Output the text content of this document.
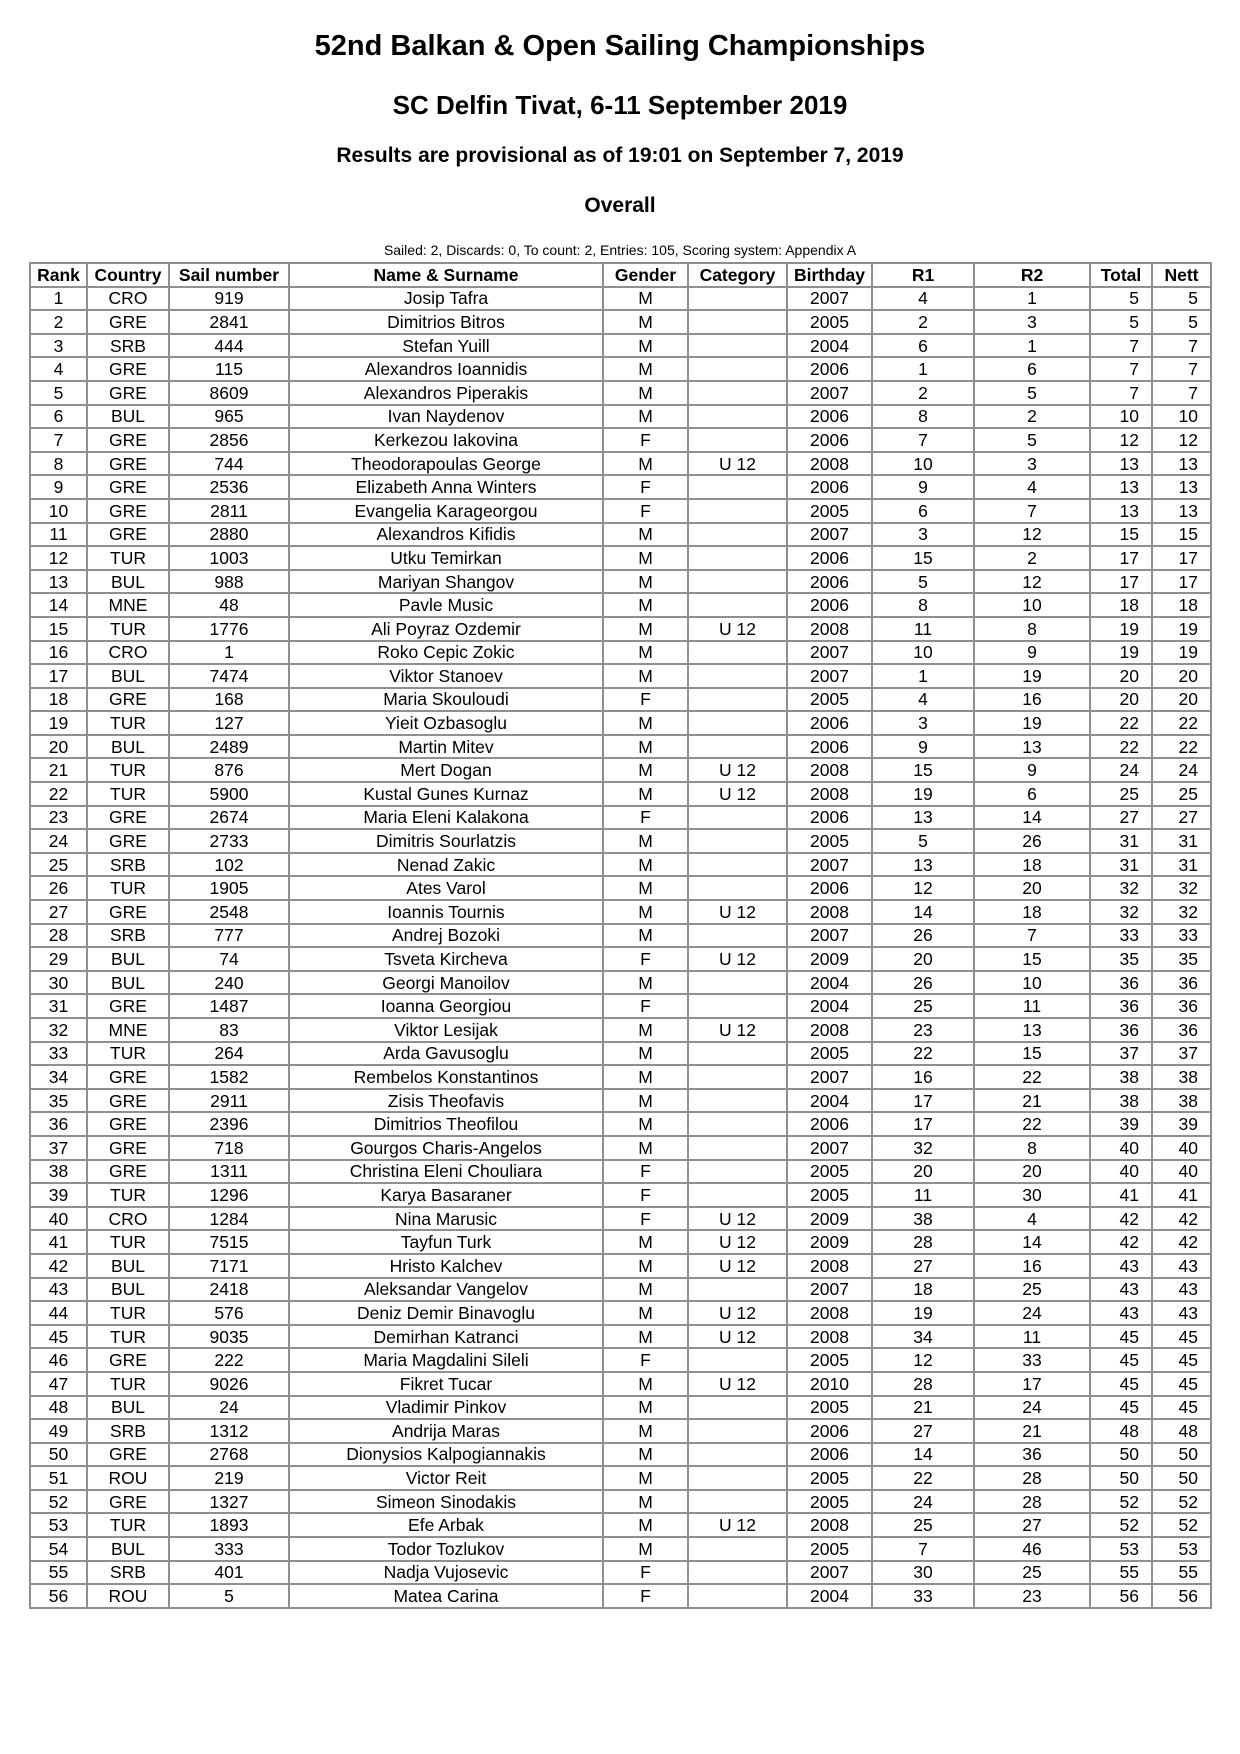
52nd Balkan & Open Sailing Championships
SC Delfin Tivat, 6-11 September 2019
Results are provisional as of 19:01 on September 7, 2019
Overall
Sailed: 2, Discards: 0, To count: 2, Entries: 105, Scoring system: Appendix A
Rank	Country	Sail number	Name & Surname	Gender	Category	Birthday	R1	R2	Total	Nett
1	CRO	919	Josip Tafra	M		2007	4	1	5	5
2	GRE	2841	Dimitrios Bitros	M		2005	2	3	5	5
3	SRB	444	Stefan Yuill	M		2004	6	1	7	7
4	GRE	115	Alexandros Ioannidis	M		2006	1	6	7	7
5	GRE	8609	Alexandros Piperakis	M		2007	2	5	7	7
6	BUL	965	Ivan Naydenov	M		2006	8	2	10	10
7	GRE	2856	Kerkezou Iakovina	F		2006	7	5	12	12
8	GRE	744	Theodorapoulas George	M	U 12	2008	10	3	13	13
9	GRE	2536	Elizabeth Anna Winters	F		2006	9	4	13	13
10	GRE	2811	Evangelia Karageorgou	F		2005	6	7	13	13
11	GRE	2880	Alexandros Kifidis	M		2007	3	12	15	15
12	TUR	1003	Utku Temirkan	M		2006	15	2	17	17
13	BUL	988	Mariyan Shangov	M		2006	5	12	17	17
14	MNE	48	Pavle Music	M		2006	8	10	18	18
15	TUR	1776	Ali Poyraz Ozdemir	M	U 12	2008	11	8	19	19
16	CRO	1	Roko Cepic Zokic	M		2007	10	9	19	19
17	BUL	7474	Viktor Stanoev	M		2007	1	19	20	20
18	GRE	168	Maria Skouloudi	F		2005	4	16	20	20
19	TUR	127	Yieit Ozbasoglu	M		2006	3	19	22	22
20	BUL	2489	Martin Mitev	M		2006	9	13	22	22
21	TUR	876	Mert Dogan	M	U 12	2008	15	9	24	24
22	TUR	5900	Kustal Gunes Kurnaz	M	U 12	2008	19	6	25	25
23	GRE	2674	Maria Eleni Kalakona	F		2006	13	14	27	27
24	GRE	2733	Dimitris Sourlatzis	M		2005	5	26	31	31
25	SRB	102	Nenad Zakic	M		2007	13	18	31	31
26	TUR	1905	Ates Varol	M		2006	12	20	32	32
27	GRE	2548	Ioannis Tournis	M	U 12	2008	14	18	32	32
28	SRB	777	Andrej Bozoki	M		2007	26	7	33	33
29	BUL	74	Tsveta Kircheva	F	U 12	2009	20	15	35	35
30	BUL	240	Georgi Manoilov	M		2004	26	10	36	36
31	GRE	1487	Ioanna Georgiou	F		2004	25	11	36	36
32	MNE	83	Viktor Lesijak	M	U 12	2008	23	13	36	36
33	TUR	264	Arda Gavusoglu	M		2005	22	15	37	37
34	GRE	1582	Rembelos Konstantinos	M		2007	16	22	38	38
35	GRE	2911	Zisis Theofavis	M		2004	17	21	38	38
36	GRE	2396	Dimitrios Theofilou	M		2006	17	22	39	39
37	GRE	718	Gourgos Charis-Angelos	M		2007	32	8	40	40
38	GRE	1311	Christina Eleni Chouliara	F		2005	20	20	40	40
39	TUR	1296	Karya Basaraner	F		2005	11	30	41	41
40	CRO	1284	Nina Marusic	F	U 12	2009	38	4	42	42
41	TUR	7515	Tayfun Turk	M	U 12	2009	28	14	42	42
42	BUL	7171	Hristo Kalchev	M	U 12	2008	27	16	43	43
43	BUL	2418	Aleksandar Vangelov	M		2007	18	25	43	43
44	TUR	576	Deniz Demir Binavoglu	M	U 12	2008	19	24	43	43
45	TUR	9035	Demirhan Katranci	M	U 12	2008	34	11	45	45
46	GRE	222	Maria Magdalini Sileli	F		2005	12	33	45	45
47	TUR	9026	Fikret Tucar	M	U 12	2010	28	17	45	45
48	BUL	24	Vladimir Pinkov	M		2005	21	24	45	45
49	SRB	1312	Andrija Maras	M		2006	27	21	48	48
50	GRE	2768	Dionysios Kalpogiannakis	M		2006	14	36	50	50
51	ROU	219	Victor Reit	M		2005	22	28	50	50
52	GRE	1327	Simeon Sinodakis	M		2005	24	28	52	52
53	TUR	1893	Efe Arbak	M	U 12	2008	25	27	52	52
54	BUL	333	Todor Tozlukov	M		2005	7	46	53	53
55	SRB	401	Nadja Vujosevic	F		2007	30	25	55	55
56	ROU	5	Matea Carina	F		2004	33	23	56	56
